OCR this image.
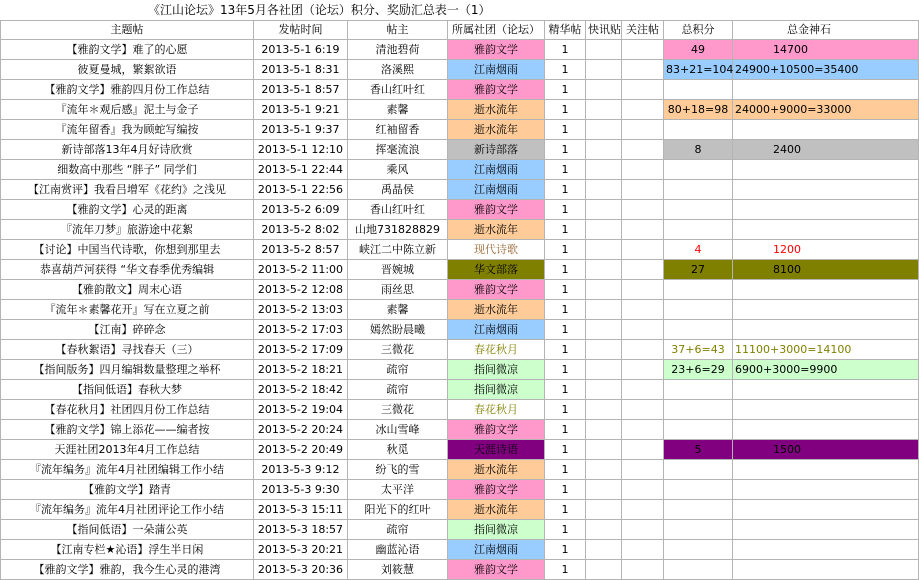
《江山论坛》13年5月各社团（论坛）积分、奖励汇总表一（1）
主题帖	发帖时间	帖主	所属社团（论坛）	精华帖	快讯贴	关注帖	总积分	总金神石
【雅韵文学】难了的心愿	2013-5-1 6:19	清池碧荷	雅韵文学	1			49	14700
彼夏曼城，繁絮欲语	2013-5-1 8:31	洛溪熙	江南烟雨	1			83+21=104	24900+10500=35400
【雅韵文学】雅韵四月份工作总结	2013-5-1 8:57	香山红叶红	雅韵文学	1				
『流年＊观后感』泥土与金子	2013-5-1 9:21	素馨	逝水流年	1			80+18=98	24000+9000=33000
『流年留香』我为顾蛇写编按	2013-5-1 9:37	红袖留香	逝水流年	1				
新诗部落13年4月好诗欣赏	2013-5-1 12:10	挥毫流浪	新诗部落	1			8	2400
细数高中那些 “胖子” 同学们	2013-5-1 22:44	乘风	江南烟雨	1				
【江南赏评】我看吕增军《花约》之浅见	2013-5-1 22:56	禹晶侯	江南烟雨	1				
【雅韵文学】心灵的距离	2013-5-2 6:09	香山红叶红	雅韵文学	1				
『流年刀梦』旅游途中花絮	2013-5-2 8:02	山地731828829	逝水流年	1				
【讨论】中国当代诗歌，你想到那里去	2013-5-2 8:57	峡江二中陈立新	现代诗歌	1			4	1200
恭喜葫芦河获得 “华文春季优秀编辑	2013-5-2 11:00	晋婉城	华文部落	1			27	8100
【雅韵散文】周末心语	2013-5-2 12:08	雨丝思	雅韵文学	1				
『流年＊素馨花开』写在立夏之前	2013-5-2 13:03	素馨	逝水流年	1				
【江南】碎碎念	2013-5-2 17:03	嫣然盼晨曦	江南烟雨	1				
【春秋絮语】寻找春天（三）	2013-5-2 17:09	三微花	春花秋月	1			37+6=43	11100+3000=14100
【指间版务】四月编辑数量整理之举杯	2013-5-2 18:21	疏帘	指间微凉	1			23+6=29	6900+3000=9900
【指间低语】春秋大梦	2013-5-2 18:42	疏帘	指间微凉	1				
【春花秋月】社团四月份工作总结	2013-5-2 19:04	三微花	春花秋月	1				
【雅韵文学】锦上添花——编者按	2013-5-2 20:24	冰山雪峰	雅韵文学	1				
天涯社团2013年4月工作总结	2013-5-2 20:49	秋觅	天涯诗语	1			5	1500
『流年编务』流年4月社团编辑工作小结	2013-5-3 9:12	纷飞的雪	逝水流年	1				
【雅韵文学】踏青	2013-5-3 9:30	太平洋	雅韵文学	1				
『流年编务』流年4月社团评论工作小结	2013-5-3 15:11	阳光下的红叶	逝水流年	1				
【指间低语】一朵蒲公英	2013-5-3 18:57	疏帘	指间微凉	1				
【江南专栏★沁语】浮生半日闲	2013-5-3 20:21	幽蓝沁语	江南烟雨	1				
【雅韵文学】雅韵，我今生心灵的港湾	2013-5-3 20:36	刘筱慧	雅韵文学	1				
